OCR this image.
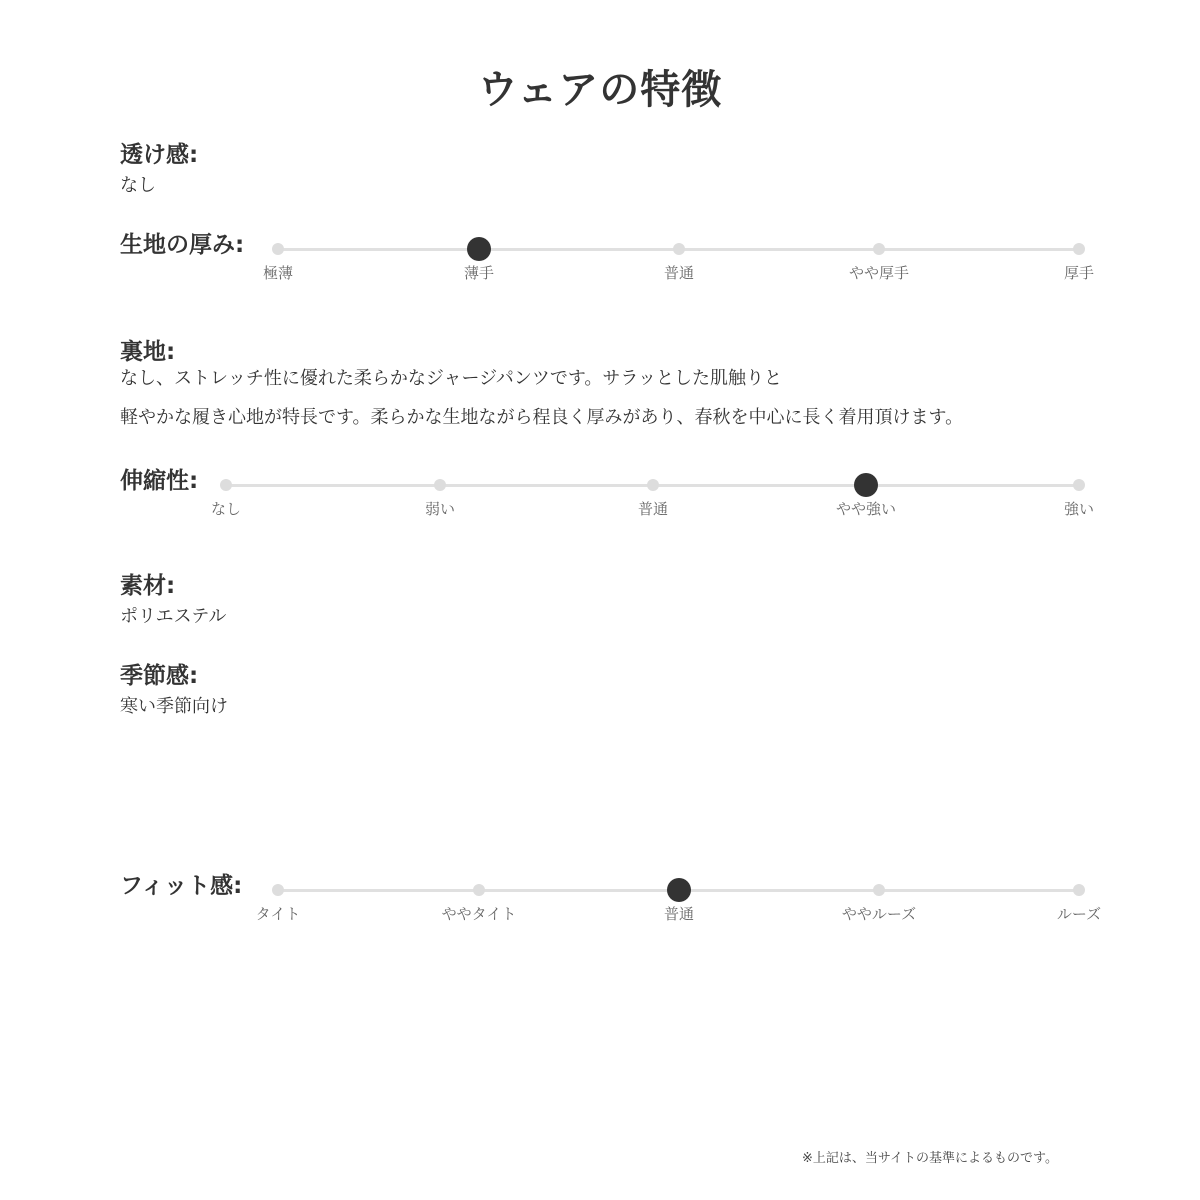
ウェアの特徴
透け感:
なし
生地の厚み:
極薄	薄手	普通	やや厚手	厚手
裏地:
なし、ストレッチ性に優れた柔らかなジャージパンツです。サラッとした肌触りと
軽やかな履き心地が特長です。柔らかな生地ながら程良く厚みがあり、春秋を中心に長く着用頂けます。
伸縮性:
なし	弱い	普通	やや強い	強い
素材:
ポリエステル
季節感:
寒い季節向け
フィット感:
タイト	ややタイト	普通	ややルーズ	ルーズ
※上記は、当サイトの基準によるものです。
